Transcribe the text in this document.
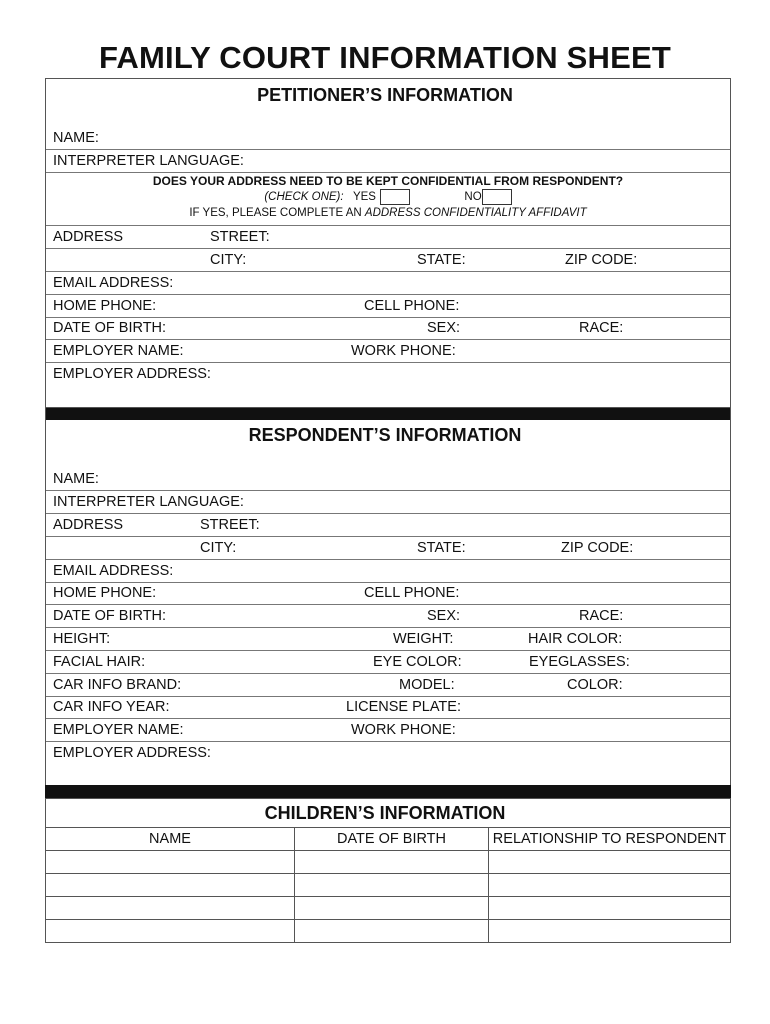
FAMILY COURT INFORMATION SHEET
PETITIONER’S INFORMATION
NAME:
INTERPRETER LANGUAGE:
DOES YOUR ADDRESS NEED TO BE KEPT CONFIDENTIAL FROM RESPONDENT?
(CHECK ONE): YES	NO
IF YES, PLEASE COMPLETE AN ADDRESS CONFIDENTIALITY AFFIDAVIT
ADDRESS	STREET:
CITY:	STATE:	ZIP CODE:
EMAIL ADDRESS:
HOME PHONE:	CELL PHONE:
DATE OF BIRTH:	SEX:	RACE:
EMPLOYER NAME:	WORK PHONE:
EMPLOYER ADDRESS:
RESPONDENT’S INFORMATION
NAME:
INTERPRETER LANGUAGE:
ADDRESS	STREET:
CITY:	STATE:	ZIP CODE:
EMAIL ADDRESS:
HOME PHONE:	CELL PHONE:
DATE OF BIRTH:	SEX:	RACE:
HEIGHT:	WEIGHT:	HAIR COLOR:
FACIAL HAIR:	EYE COLOR:	EYEGLASSES:
CAR INFO BRAND:	MODEL:	COLOR:
CAR INFO YEAR:	LICENSE PLATE:
EMPLOYER NAME:	WORK PHONE:
EMPLOYER ADDRESS:
CHILDREN’S INFORMATION
NAME	DATE OF BIRTH	RELATIONSHIP TO RESPONDENT
